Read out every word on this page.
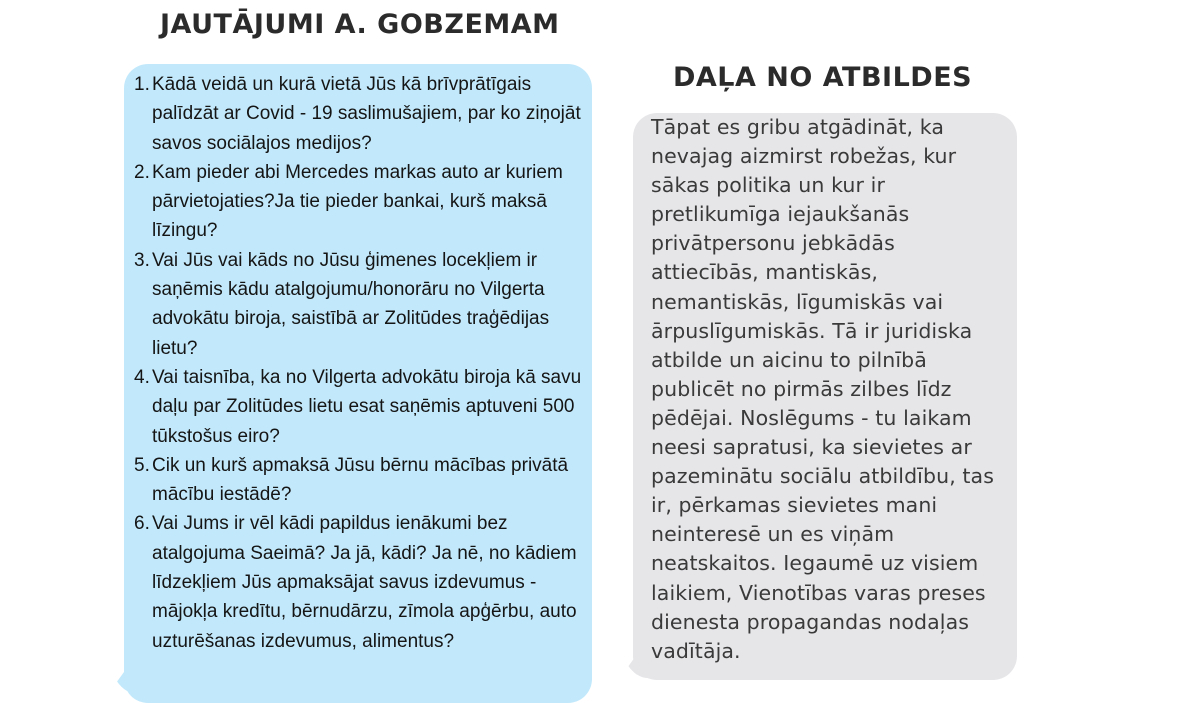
JAUTĀJUMI A. GOBZEMAM
1. Kādā veidā un kurā vietā Jūs kā brīvprātīgais palīdzāt ar Covid - 19 saslimušajiem, par ko ziņojāt savos sociālajos medijos?
2. Kam pieder abi Mercedes markas auto ar kuriem pārvietojaties?Ja tie pieder bankai, kurš maksā līzingu?
3. Vai Jūs vai kāds no Jūsu ģimenes locekļiem ir saņēmis kādu atalgojumu/honorāru no Vilgerta advokātu biroja, saistībā ar Zolitūdes traģēdijas lietu?
4. Vai taisnība, ka no Vilgerta advokātu biroja kā savu daļu par Zolitūdes lietu esat saņēmis aptuveni 500 tūkstošus eiro?
5. Cik un kurš apmaksā Jūsu bērnu mācības privātā mācību iestādē?
6. Vai Jums ir vēl kādi papildus ienākumi bez atalgojuma Saeimā? Ja jā, kādi? Ja nē, no kādiem līdzekļiem Jūs apmaksājat savus izdevumus - mājokļa kredītu, bērnudārzu, zīmola apģērbu, auto uzturēšanas izdevumus, alimentus?
DAĻA NO ATBILDES

Tāpat es gribu atgādināt, ka nevajag aizmirst robežas, kur sākas politika un kur ir pretlikumīga iejaukšanās privātpersonu jebkādās attiecībās, mantiskās, nemantiskās, līgumiskās vai ārpuslīgumiskās. Tā ir juridiska atbilde un aicinu to pilnībā publicēt no pirmās zilbes līdz pēdējai. Noslēgums - tu laikam neesi sapratusi, ka sievietes ar pazeminātu sociālu atbildību, tas ir, pērkamas sievietes mani neinteresē un es viņām neatskaitos. Iegaumē uz visiem laikiem, Vienotības varas preses dienesta propagandas nodaļas vadītāja.
